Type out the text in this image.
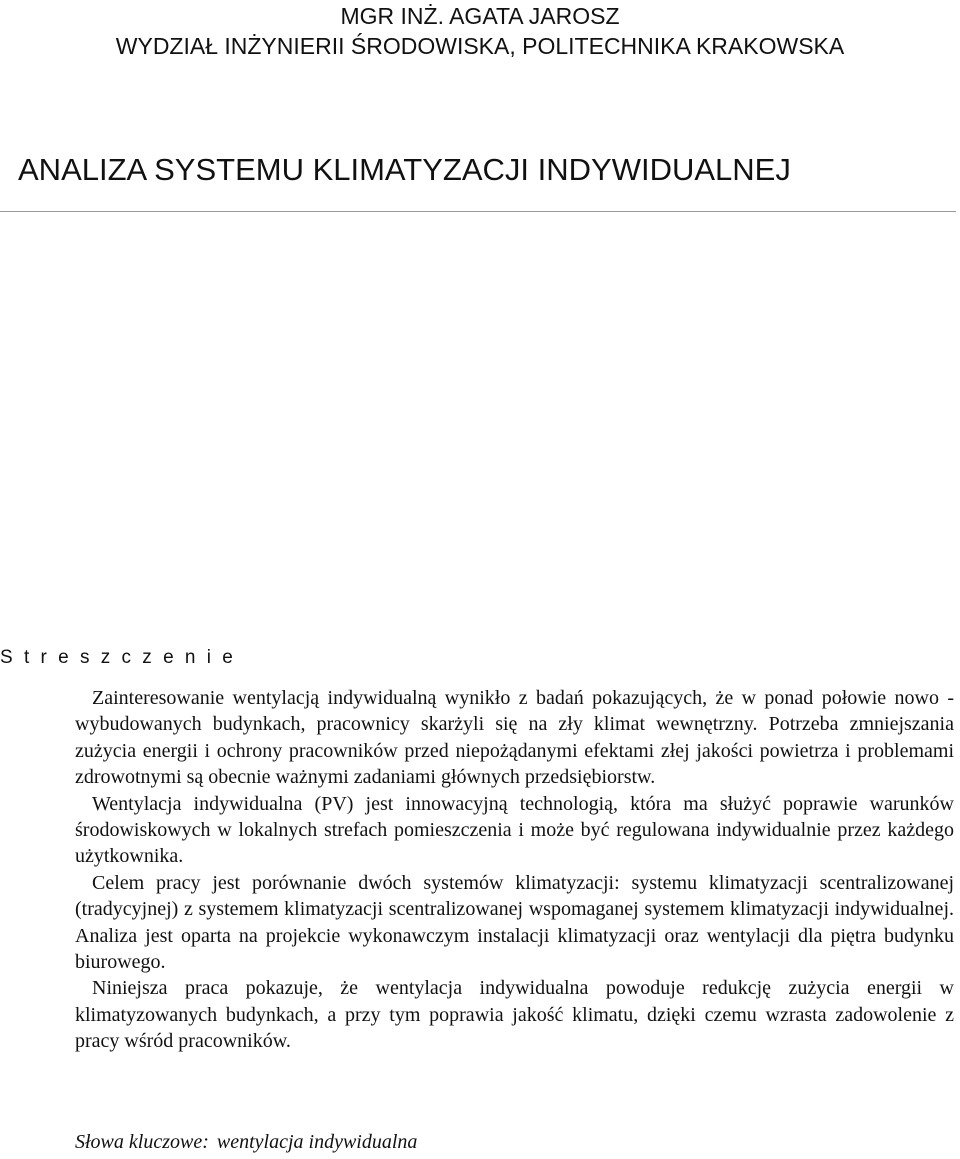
MGR INŻ. AGATA JAROSZ
WYDZIAŁ INŻYNIERII ŚRODOWISKA, POLITECHNIKA KRAKOWSKA
ANALIZA SYSTEMU KLIMATYZACJI INDYWIDUALNEJ
S t r e s z c z e n i e

Zainteresowanie wentylacją indywidualną wynikło z badań pokazujących, że w ponad połowie nowo - wybudowanych budynkach, pracownicy skarżyli się na zły klimat wewnętrzny. Potrzeba zmniejszania zużycia energii i ochrony pracowników przed niepożądanymi efektami złej jakości powietrza i problemami zdrowotnymi są obecnie ważnymi zadaniami głównych przedsiębiorstw.

Wentylacja indywidualna (PV) jest innowacyjną technologią, która ma służyć poprawie warunków środowiskowych w lokalnych strefach pomieszczenia i może być regulowana indywidualnie przez każdego użytkownika.

Celem pracy jest porównanie dwóch systemów klimatyzacji: systemu klimatyzacji scentralizowanej (tradycyjnej) z systemem klimatyzacji scentralizowanej wspomaganej systemem klimatyzacji indywidualnej. Analiza jest oparta na projekcie wykonawczym instalacji klimatyzacji oraz wentylacji dla piętra budynku biurowego.

Niniejsza praca pokazuje, że wentylacja indywidualna powoduje redukcję zużycia energii w klimatyzowanych budynkach, a przy tym poprawia jakość klimatu, dzięki czemu wzrasta zadowolenie z pracy wśród pracowników.

Słowa kluczowe: wentylacja indywidualna
